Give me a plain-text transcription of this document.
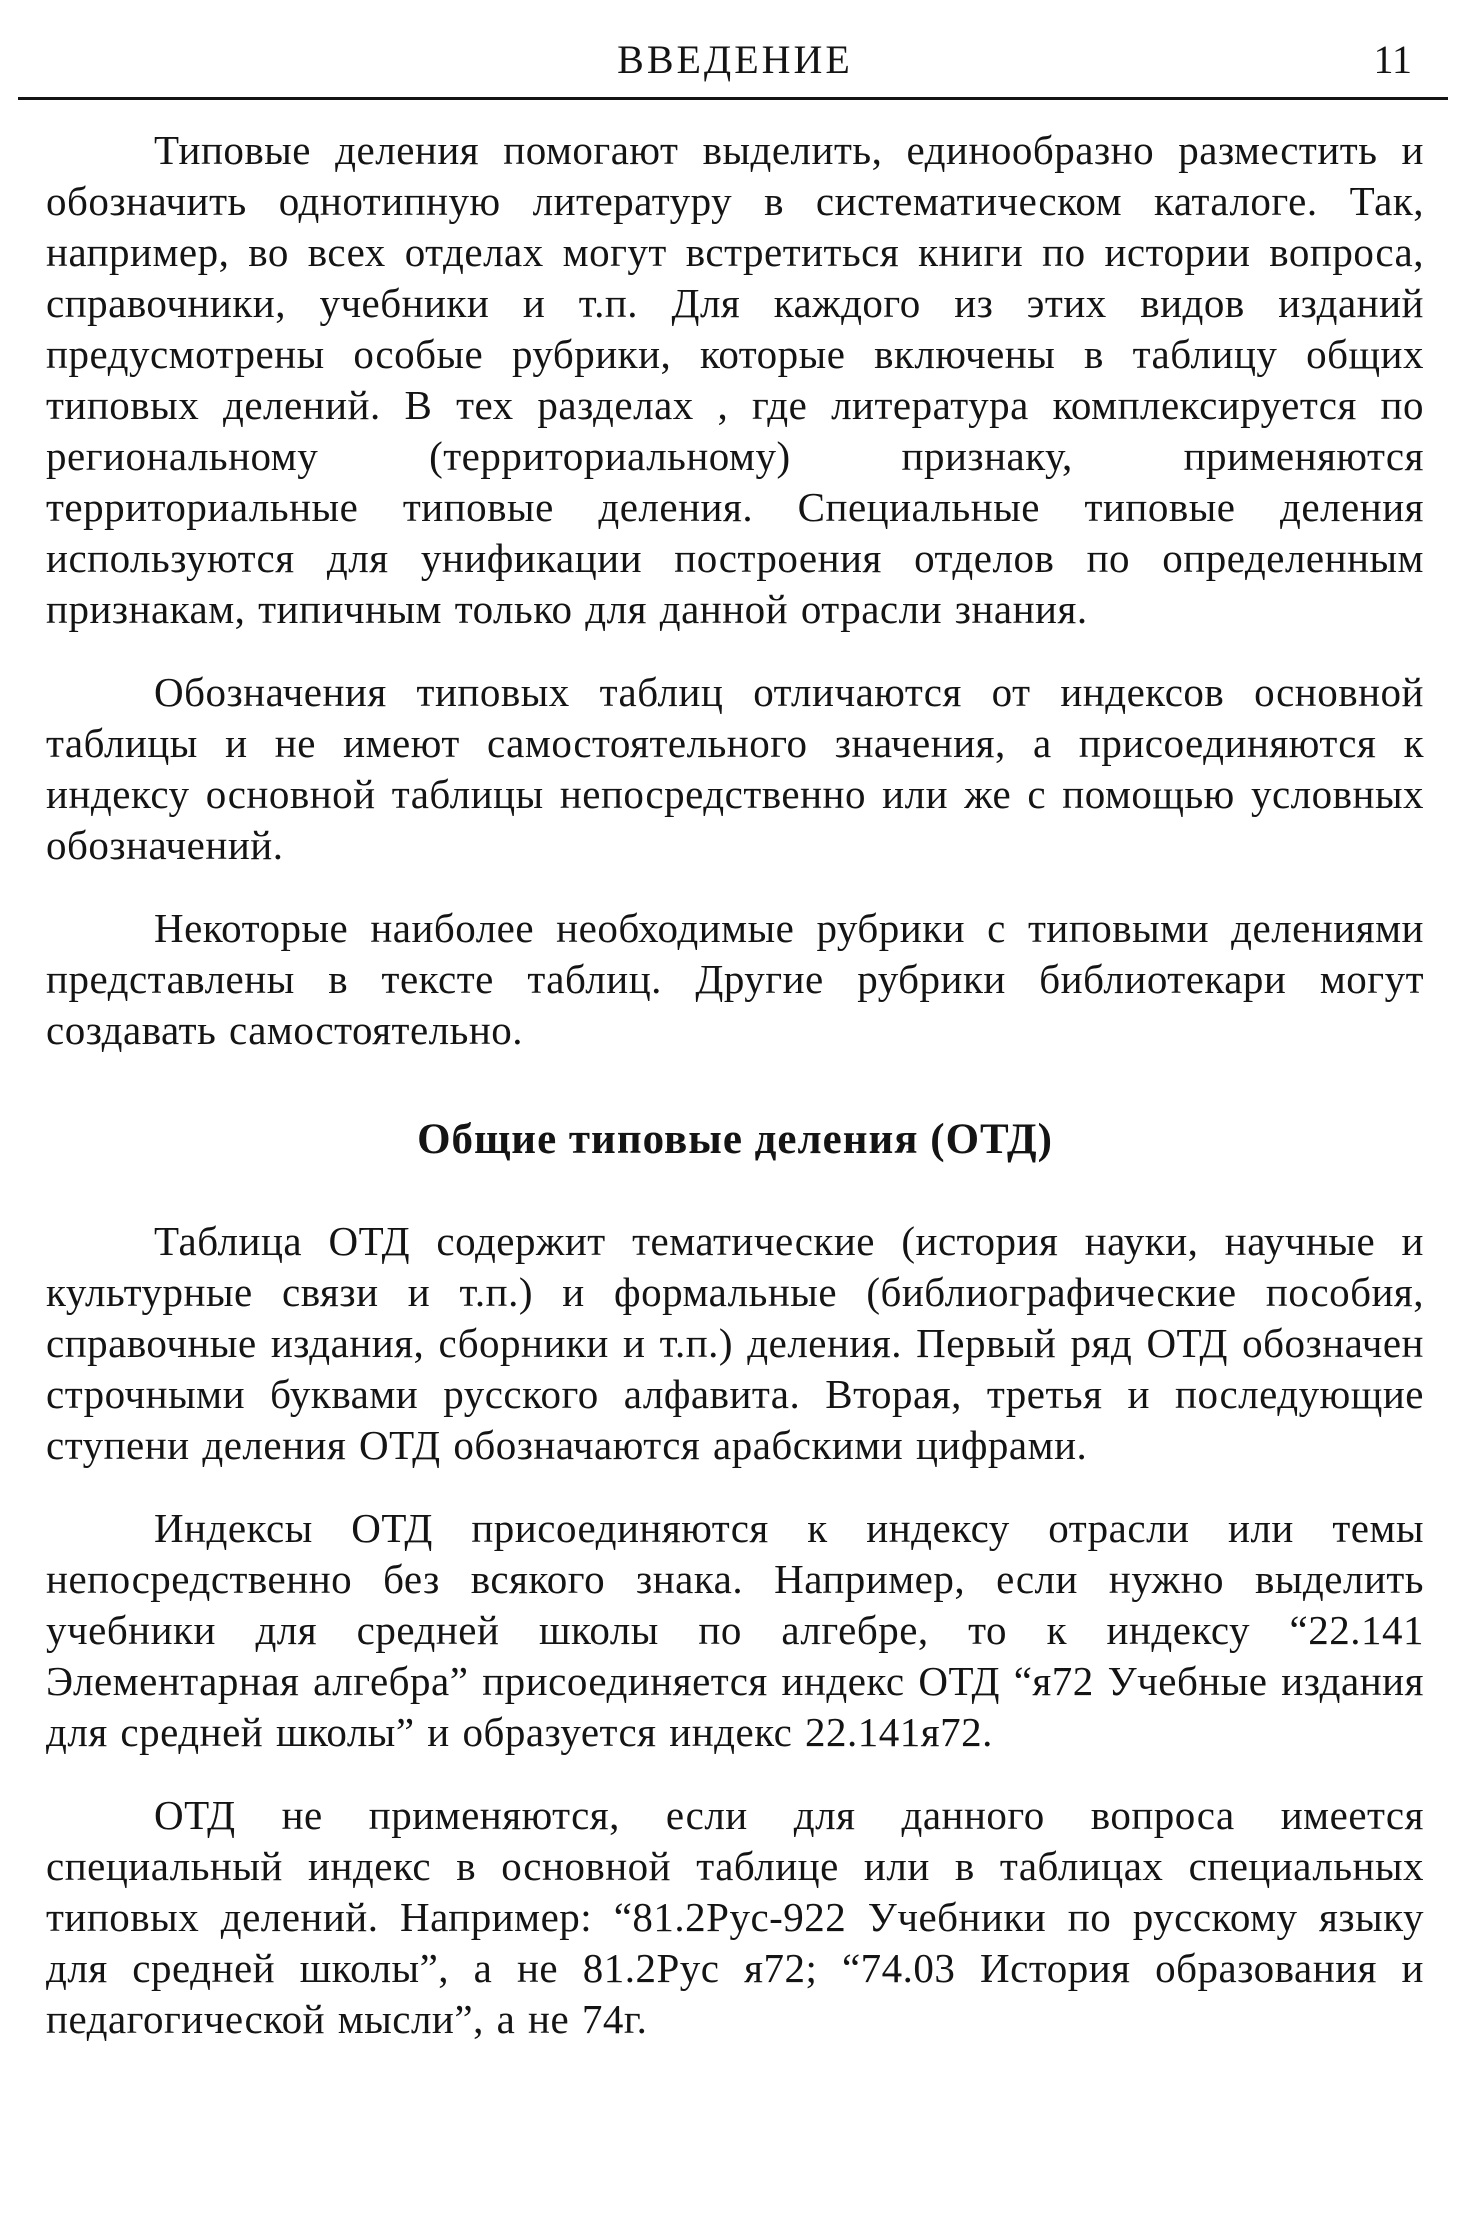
ВВЕДЕНИЕ	11

Типовые деления помогают выделить, единообразно разместить и обозначить однотипную литературу в систематическом каталоге. Так, например, во всех отделах могут встретиться книги по истории вопроса, справочники, учебники и т.п. Для каждого из этих видов изданий предусмотрены особые рубрики, которые включены в таблицу общих типовых делений. В тех разделах , где литература комплексируется по региональному (территориальному) признаку, применяются территориальные типовые деления. Специальные типовые деления используются для унификации построения отделов по определенным признакам, типичным только для данной отрасли знания.

Обозначения типовых таблиц отличаются от индексов основной таблицы и не имеют самостоятельного значения, а присоединяются к индексу основной таблицы непосредственно или же с помощью условных обозначений.

Некоторые наиболее необходимые рубрики с типовыми делениями представлены в тексте таблиц. Другие рубрики библиотекари могут создавать самостоятельно.

Общие типовые деления (ОТД)

Таблица ОТД содержит тематические (история науки, научные и культурные связи и т.п.) и формальные (библиографические пособия, справочные издания, сборники и т.п.) деления. Первый ряд ОТД обозначен строчными буквами русского алфавита. Вторая, третья и последующие ступени деления ОТД обозначаются арабскими цифрами.

Индексы ОТД присоединяются к индексу отрасли или темы непосредственно без всякого знака. Например, если нужно выделить учебники для средней школы по алгебре, то к индексу “22.141 Элементарная алгебра” присоединяется индекс ОТД “я72 Учебные издания для средней школы” и образуется индекс 22.141я72.

ОТД не применяются, если для данного вопроса имеется специальный индекс в основной таблице или в таблицах специальных типовых делений. Например: “81.2Рус-922 Учебники по русскому языку для средней школы”, а не 81.2Рус я72; “74.03 История образования и педагогической мысли”, а не 74г.
